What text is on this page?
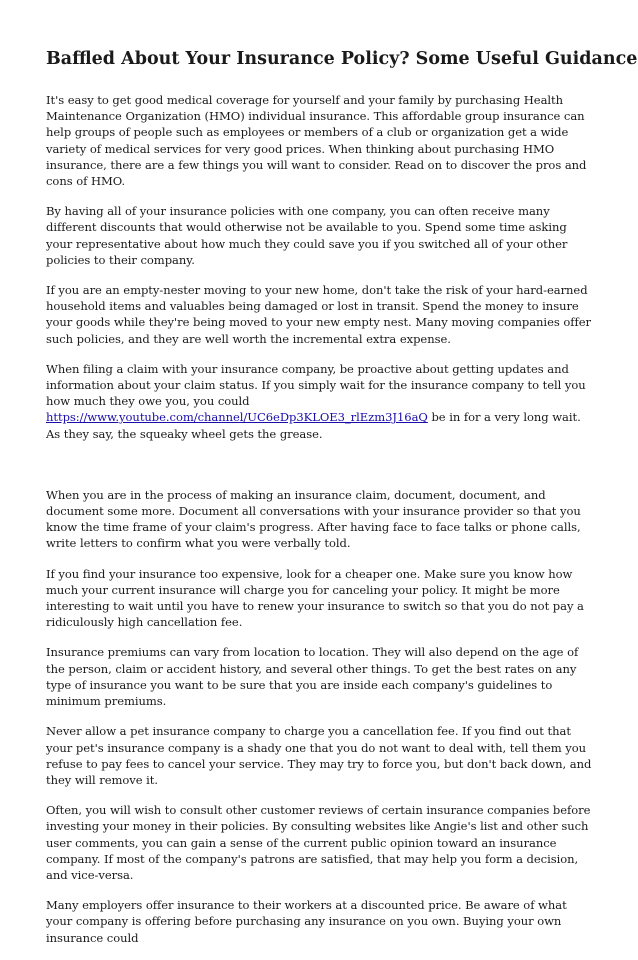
Baffled About Your Insurance Policy? Some Useful Guidance

It's easy to get good medical coverage for yourself and your family by purchasing Health Maintenance Organization (HMO) individual insurance. This affordable group insurance can help groups of people such as employees or members of a club or organization get a wide variety of medical services for very good prices. When thinking about purchasing HMO insurance, there are a few things you will want to consider. Read on to discover the pros and cons of HMO.

By having all of your insurance policies with one company, you can often receive many different discounts that would otherwise not be available to you. Spend some time asking your representative about how much they could save you if you switched all of your other policies to their company.

If you are an empty-nester moving to your new home, don't take the risk of your hard-earned household items and valuables being damaged or lost in transit. Spend the money to insure your goods while they're being moved to your new empty nest. Many moving companies offer such policies, and they are well worth the incremental extra expense.

When filing a claim with your insurance company, be proactive about getting updates and information about your claim status. If you simply wait for the insurance company to tell you how much they owe you, you could https://www.youtube.com/channel/UC6eDp3KLOE3_rlEzm3J16aQ be in for a very long wait. As they say, the squeaky wheel gets the grease.

When you are in the process of making an insurance claim, document, document, and document some more. Document all conversations with your insurance provider so that you know the time frame of your claim's progress. After having face to face talks or phone calls, write letters to confirm what you were verbally told.

If you find your insurance too expensive, look for a cheaper one. Make sure you know how much your current insurance will charge you for canceling your policy. It might be more interesting to wait until you have to renew your insurance to switch so that you do not pay a ridiculously high cancellation fee.

Insurance premiums can vary from location to location. They will also depend on the age of the person, claim or accident history, and several other things. To get the best rates on any type of insurance you want to be sure that you are inside each company's guidelines to minimum premiums.

Never allow a pet insurance company to charge you a cancellation fee. If you find out that your pet's insurance company is a shady one that you do not want to deal with, tell them you refuse to pay fees to cancel your service. They may try to force you, but don't back down, and they will remove it.

Often, you will wish to consult other customer reviews of certain insurance companies before investing your money in their policies. By consulting websites like Angie's list and other such user comments, you can gain a sense of the current public opinion toward an insurance company. If most of the company's patrons are satisfied, that may help you form a decision, and vice-versa.

Many employers offer insurance to their workers at a discounted price. Be aware of what your company is offering before purchasing any insurance on you own. Buying your own insurance could
